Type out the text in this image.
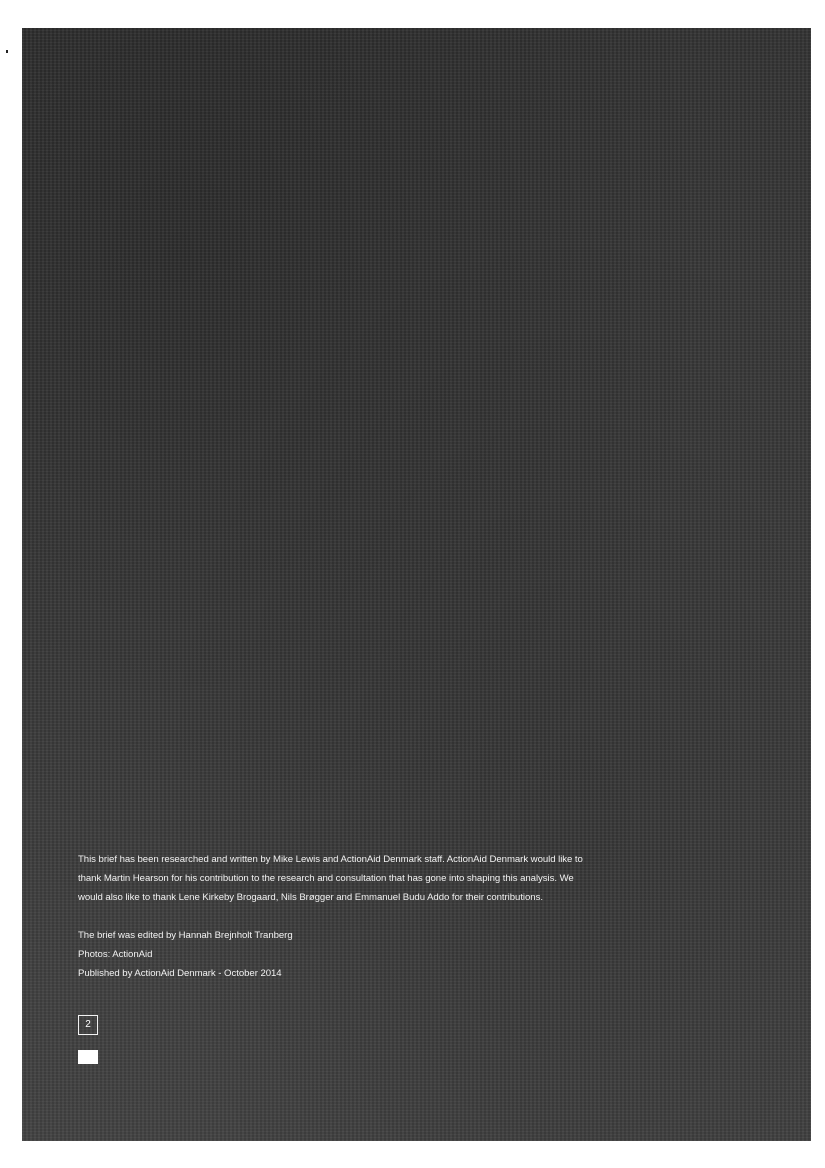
This brief has been researched and written by Mike Lewis and ActionAid Denmark staff. ActionAid Denmark would like to

thank Martin Hearson for his contribution to the research and consultation that has gone into shaping this analysis. We

would also like to thank Lene Kirkeby Brogaard, Nils Brøgger and Emmanuel Budu Addo for their contributions.

The brief was edited by Hannah Brejnholt Tranberg

Photos: ActionAid

Published by ActionAid Denmark - October 2014

2
